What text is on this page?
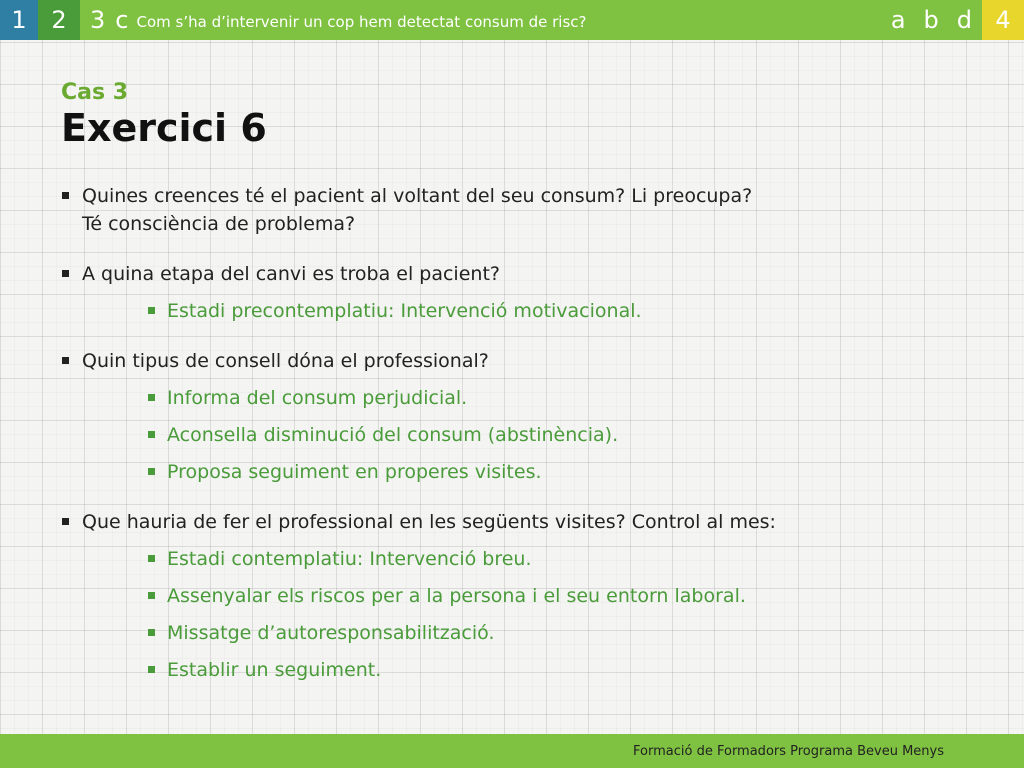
1	2 3 c Com s’ha d’intervenir un cop hem detectat consum de risc?	a b d 4
Cas 3
Exercici 6
Quines creences té el pacient al voltant del seu consum? Li preocupa?
Té consciència de problema?
A quina etapa del canvi es troba el pacient?
Estadi precontemplatiu: Intervenció motivacional.
Quin tipus de consell dóna el professional?
Informa del consum perjudicial.
Aconsella disminució del consum (abstinència).
Proposa seguiment en properes visites.
Que hauria de fer el professional en les següents visites? Control al mes:
Estadi contemplatiu: Intervenció breu.
Assenyalar els riscos per a la persona i el seu entorn laboral.
Missatge d’autoresponsabilització.
Establir un seguiment.
Formació de Formadors Programa Beveu Menys
